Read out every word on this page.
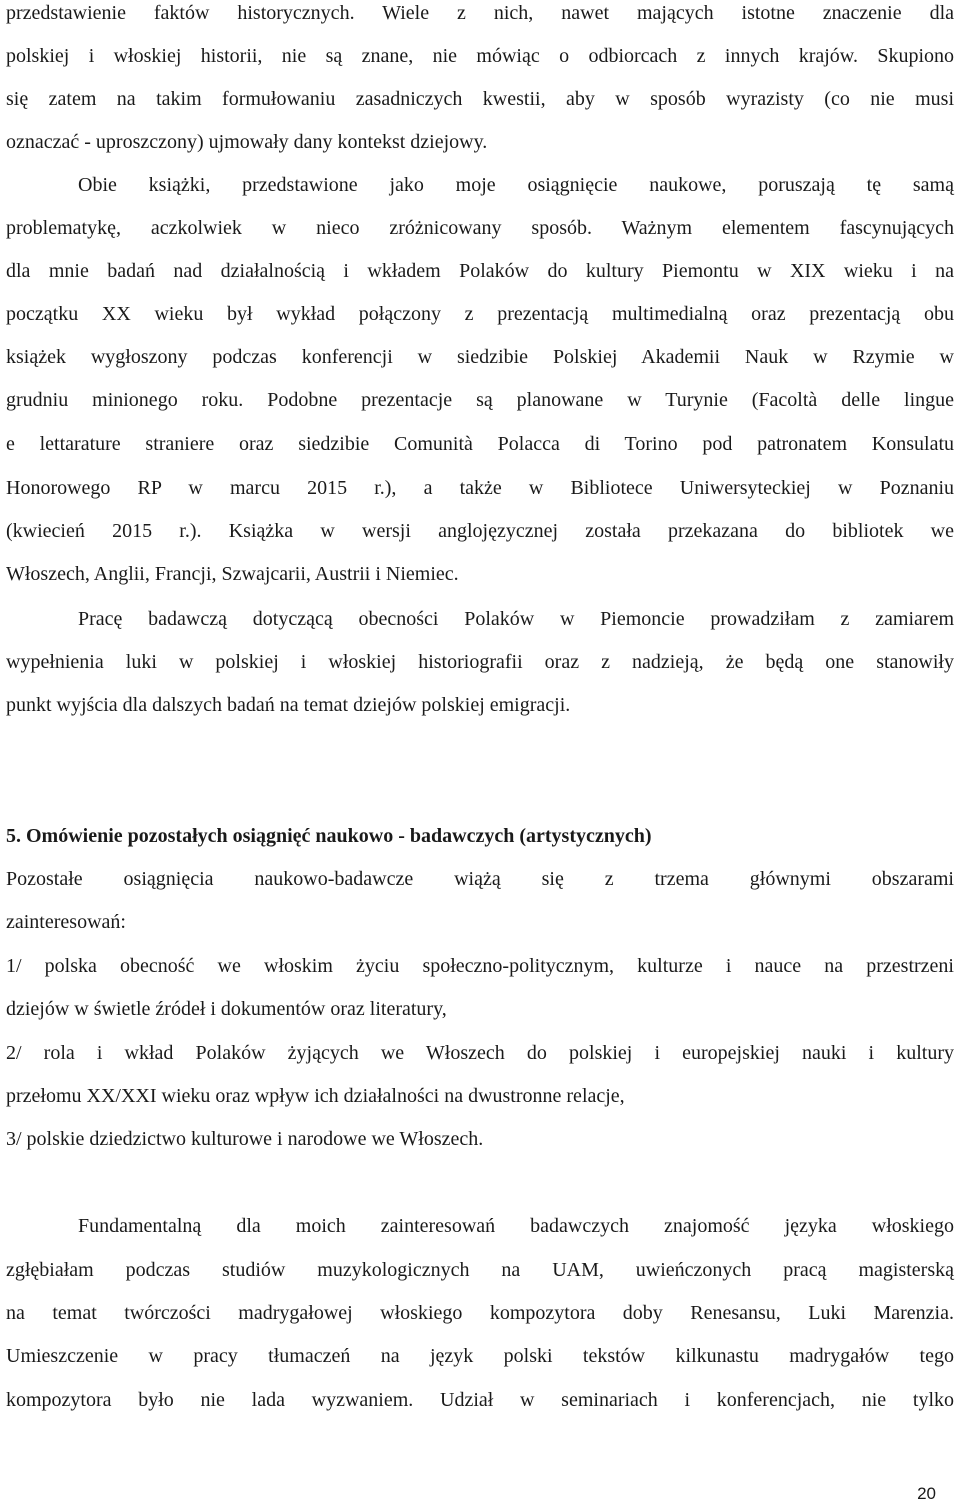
przedstawienie faktów historycznych. Wiele z nich, nawet mających istotne znaczenie dla
polskiej i włoskiej historii, nie są znane, nie mówiąc o odbiorcach z innych krajów. Skupiono
się zatem na takim formułowaniu zasadniczych kwestii, aby w sposób wyrazisty (co nie musi
oznaczać - uproszczony) ujmowały dany kontekst dziejowy.
Obie książki, przedstawione jako moje osiągnięcie naukowe, poruszają tę samą
problematykę, aczkolwiek w nieco zróżnicowany sposób. Ważnym elementem fascynujących
dla mnie badań nad działalnością i wkładem Polaków do kultury Piemontu w XIX wieku i na
początku XX wieku był wykład połączony z prezentacją multimedialną oraz prezentacją obu
książek wygłoszony podczas konferencji w siedzibie Polskiej Akademii Nauk w Rzymie w
grudniu minionego roku. Podobne prezentacje są planowane w Turynie (Facoltà delle lingue
e lettarature straniere oraz siedzibie Comunità Polacca di Torino pod patronatem Konsulatu
Honorowego RP w marcu 2015 r.), a także w Bibliotece Uniwersyteckiej w Poznaniu
(kwiecień 2015 r.). Książka w wersji anglojęzycznej została przekazana do bibliotek we
Włoszech, Anglii, Francji, Szwajcarii, Austrii i Niemiec.
Pracę badawczą dotyczącą obecności Polaków w Piemoncie prowadziłam z zamiarem
wypełnienia luki w polskiej i włoskiej historiografii oraz z nadzieją, że będą one stanowiły
punkt wyjścia dla dalszych badań na temat dziejów polskiej emigracji.
5. Omówienie pozostałych osiągnięć naukowo - badawczych (artystycznych)
Pozostałe osiągnięcia naukowo-badawcze wiążą się z trzema głównymi obszarami
zainteresowań:
1/ polska obecność we włoskim życiu społeczno-politycznym, kulturze i nauce na przestrzeni
dziejów w świetle źródeł i dokumentów oraz literatury,
2/ rola i wkład Polaków żyjących we Włoszech do polskiej i europejskiej nauki i kultury
przełomu XX/XXI wieku oraz wpływ ich działalności na dwustronne relacje,
3/ polskie dziedzictwo kulturowe i narodowe we Włoszech.
Fundamentalną dla moich zainteresowań badawczych znajomość języka włoskiego
zgłębiałam podczas studiów muzykologicznych na UAM, uwieńczonych pracą magisterską
na temat twórczości madrygałowej włoskiego kompozytora doby Renesansu, Luki Marenzia.
Umieszczenie w pracy tłumaczeń na język polski tekstów kilkunastu madrygałów tego
kompozytora było nie lada wyzwaniem. Udział w seminariach i konferencjach, nie tylko
20
